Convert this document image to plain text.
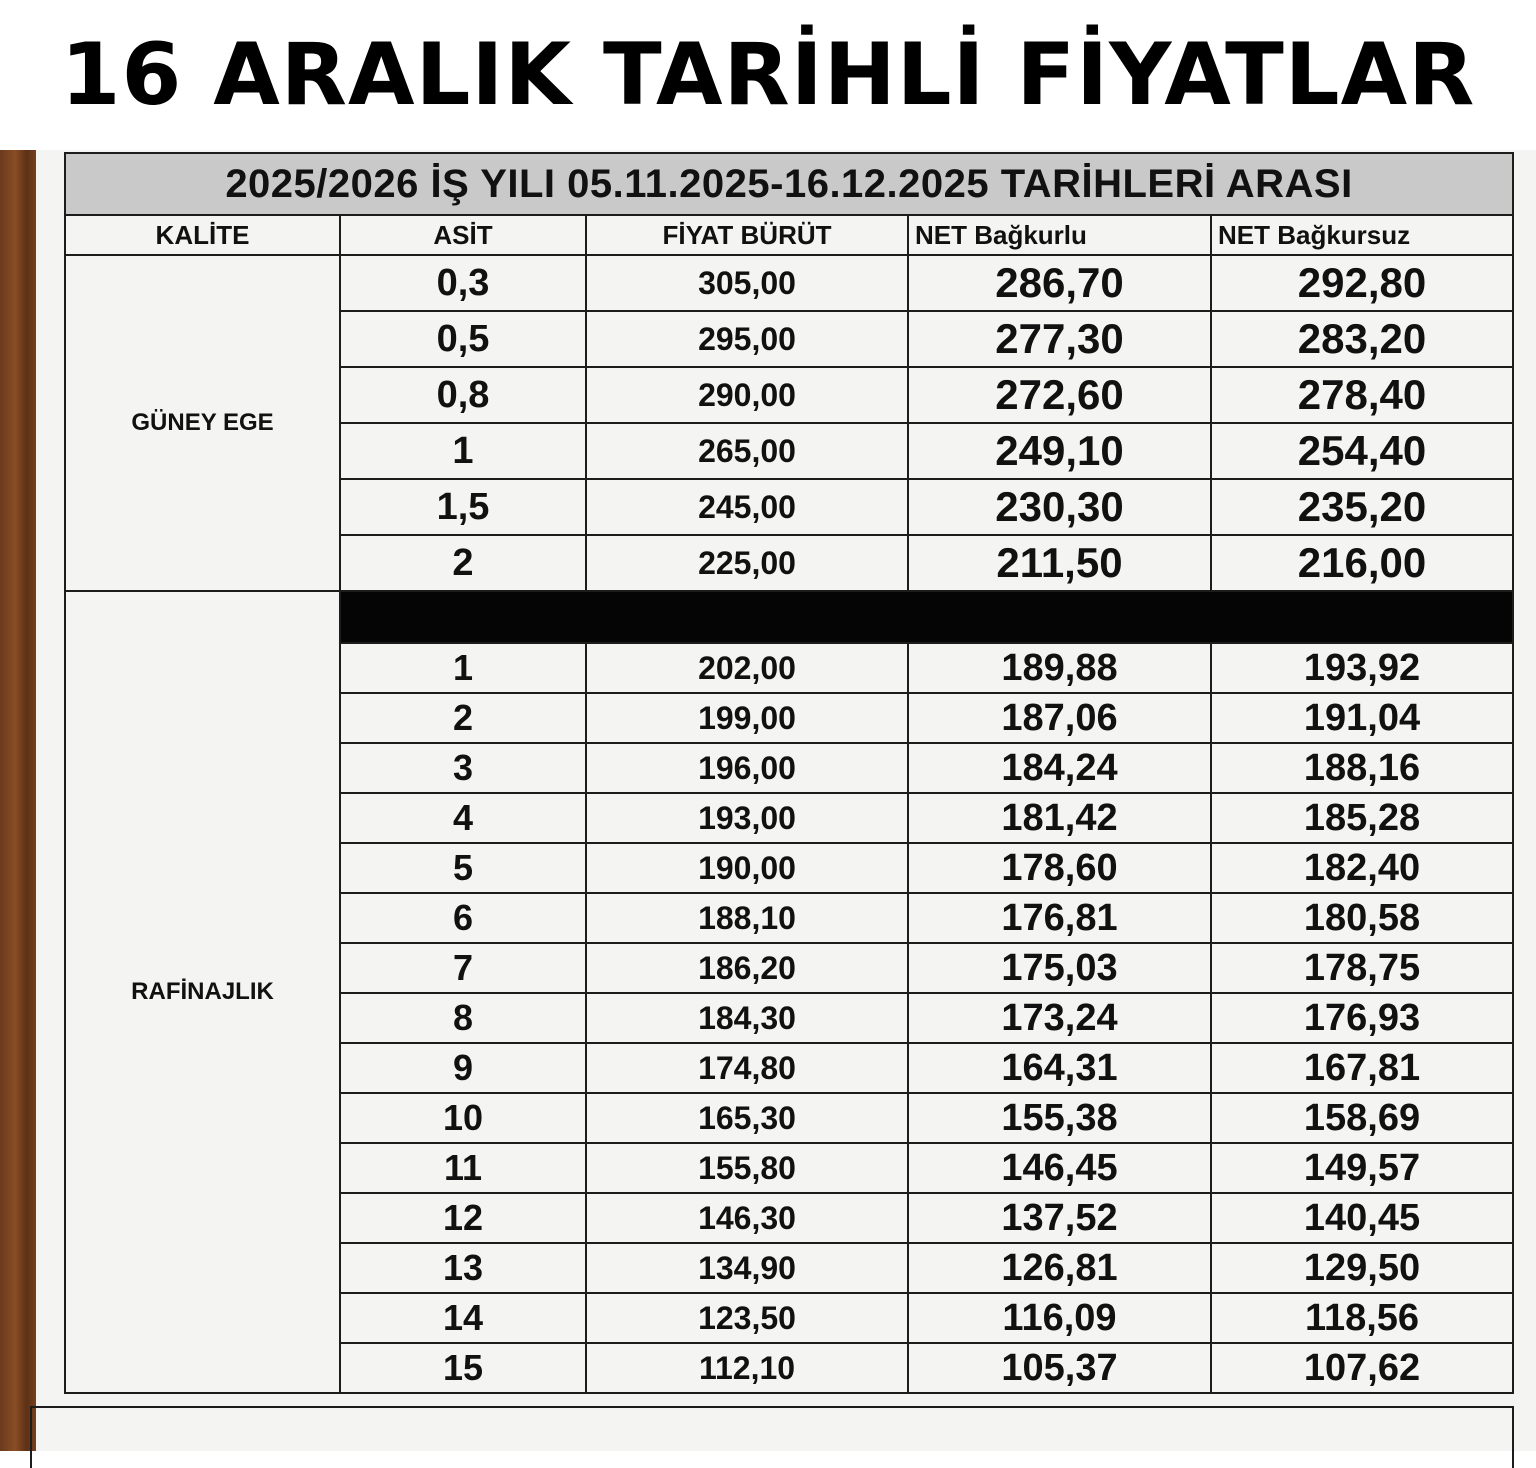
16 ARALIK TARİHLİ FİYATLAR
2025/2026 İŞ YILI 05.11.2025-16.12.2025 TARİHLERİ ARASI				
KALİTE	ASİT	FİYAT BÜRÜT	NET Bağkurlu	NET Bağkursuz
GÜNEY EGE	0,3	305,00	286,70	292,80
	0,5	295,00	277,30	283,20
	0,8	290,00	272,60	278,40
	1	265,00	249,10	254,40
	1,5	245,00	230,30	235,20
	2	225,00	211,50	216,00
RAFİNAJLIK				
	1	202,00	189,88	193,92
	2	199,00	187,06	191,04
	3	196,00	184,24	188,16
	4	193,00	181,42	185,28
	5	190,00	178,60	182,40
	6	188,10	176,81	180,58
	7	186,20	175,03	178,75
	8	184,30	173,24	176,93
	9	174,80	164,31	167,81
	10	165,30	155,38	158,69
	11	155,80	146,45	149,57
	12	146,30	137,52	140,45
	13	134,90	126,81	129,50
	14	123,50	116,09	118,56
	15	112,10	105,37	107,62
